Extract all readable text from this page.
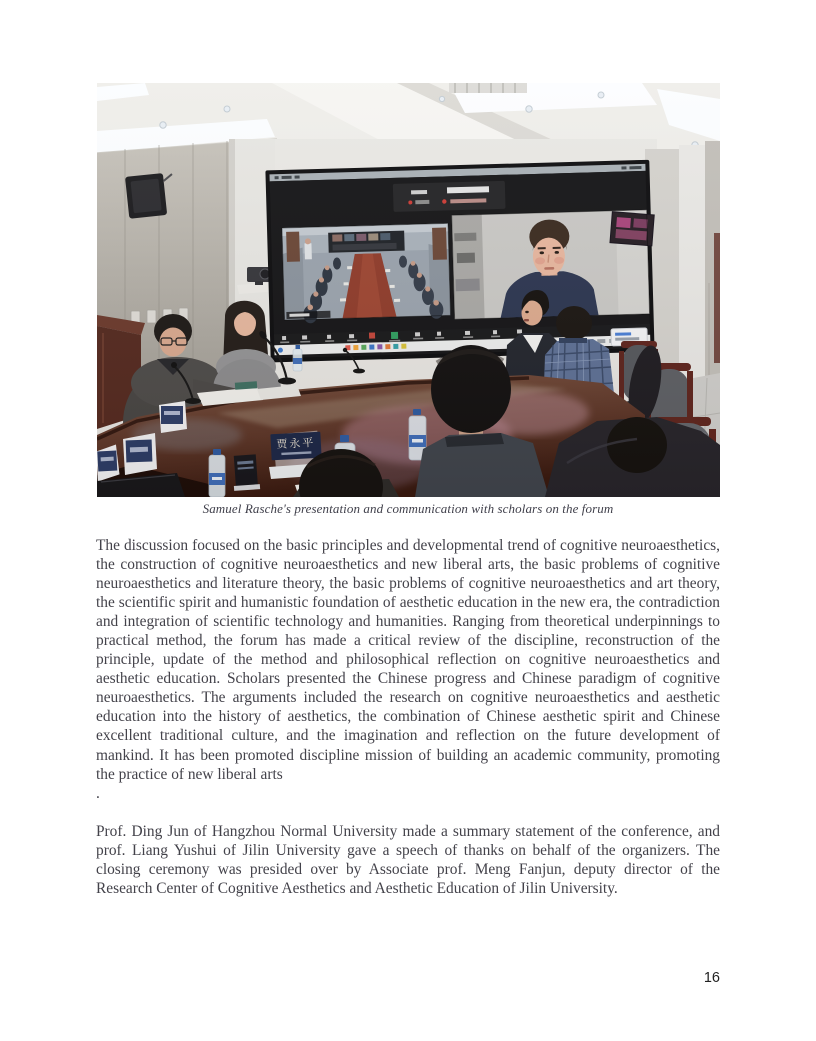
Samuel Rasche's presentation and communication with scholars on the forum

The discussion focused on the basic principles and developmental trend of cognitive neuroaesthetics, the construction of cognitive neuroaesthetics and new liberal arts, the basic problems of cognitive neuroaesthetics and literature theory, the basic problems of cognitive neuroaesthetics and art theory, the scientific spirit and humanistic foundation of aesthetic education in the new era, the contradiction and integration of scientific technology and humanities. Ranging from theoretical underpinnings to practical method, the forum has made a critical review of the discipline, reconstruction of the principle, update of the method and philosophical reflection on cognitive neuroaesthetics and aesthetic education. Scholars presented the Chinese progress and Chinese paradigm of cognitive neuroaesthetics. The arguments included the research on cognitive neuroaesthetics and aesthetic education into the history of aesthetics, the combination of Chinese aesthetic spirit and Chinese excellent traditional culture, and the imagination and reflection on the future development of mankind. It has been promoted discipline mission of building an academic community, promoting the practice of new liberal arts

.

Prof. Ding Jun of Hangzhou Normal University made a summary statement of the conference, and prof. Liang Yushui of Jilin University gave a speech of thanks on behalf of the organizers. The closing ceremony was presided over by Associate prof. Meng Fanjun, deputy director of the Research Center of Cognitive Aesthetics and Aesthetic Education of Jilin University.

16
